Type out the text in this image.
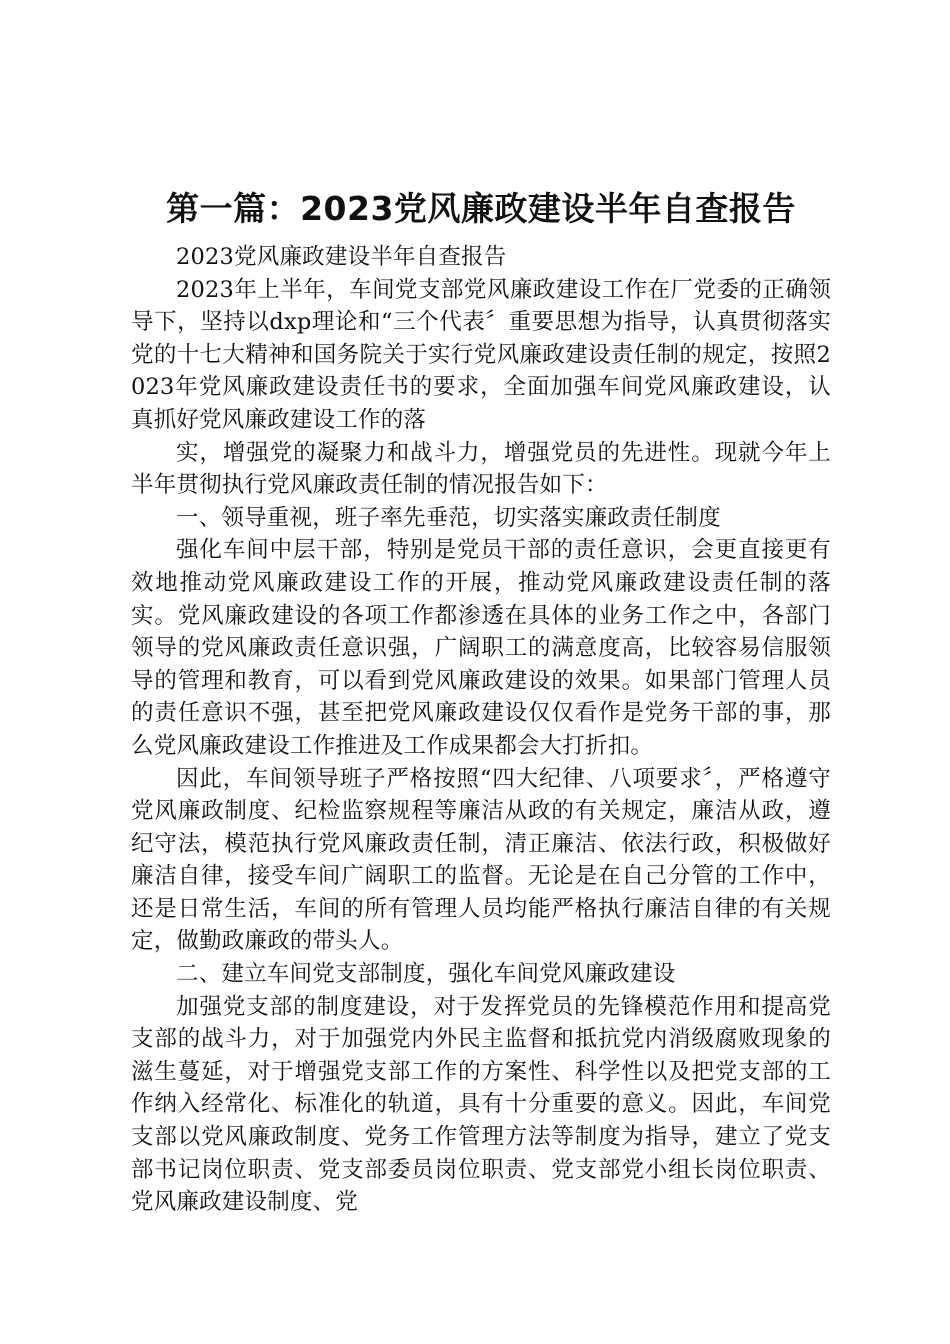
第一篇：2023党风廉政建设半年自查报告

2023党风廉政建设半年自查报告

2023年上半年，车间党支部党风廉政建设工作在厂党委的正确领导下，坚持以dxp理论和“三个代表〞重要思想为指导，认真贯彻落实党的十七大精神和国务院关于实行党风廉政建设责任制的规定，按照2023年党风廉政建设责任书的要求，全面加强车间党风廉政建设，认真抓好党风廉政建设工作的落

实，增强党的凝聚力和战斗力，增强党员的先进性。现就今年上半年贯彻执行党风廉政责任制的情况报告如下：

一、领导重视，班子率先垂范，切实落实廉政责任制度

强化车间中层干部，特别是党员干部的责任意识，会更直接更有效地推动党风廉政建设工作的开展，推动党风廉政建设责任制的落实。党风廉政建设的各项工作都渗透在具体的业务工作之中，各部门领导的党风廉政责任意识强，广阔职工的满意度高，比较容易信服领导的管理和教育，可以看到党风廉政建设的效果。如果部门管理人员的责任意识不强，甚至把党风廉政建设仅仅看作是党务干部的事，那么党风廉政建设工作推进及工作成果都会大打折扣。

因此，车间领导班子严格按照“四大纪律、八项要求〞，严格遵守党风廉政制度、纪检监察规程等廉洁从政的有关规定，廉洁从政，遵纪守法，模范执行党风廉政责任制，清正廉洁、依法行政，积极做好廉洁自律，接受车间广阔职工的监督。无论是在自己分管的工作中，还是日常生活，车间的所有管理人员均能严格执行廉洁自律的有关规定，做勤政廉政的带头人。

二、建立车间党支部制度，强化车间党风廉政建设

加强党支部的制度建设，对于发挥党员的先锋模范作用和提高党支部的战斗力，对于加强党内外民主监督和抵抗党内消级腐败现象的滋生蔓延，对于增强党支部工作的方案性、科学性以及把党支部的工作纳入经常化、标准化的轨道，具有十分重要的意义。因此，车间党支部以党风廉政制度、党务工作管理方法等制度为指导，建立了党支部书记岗位职责、党支部委员岗位职责、党支部党小组长岗位职责、党风廉政建设制度、党
